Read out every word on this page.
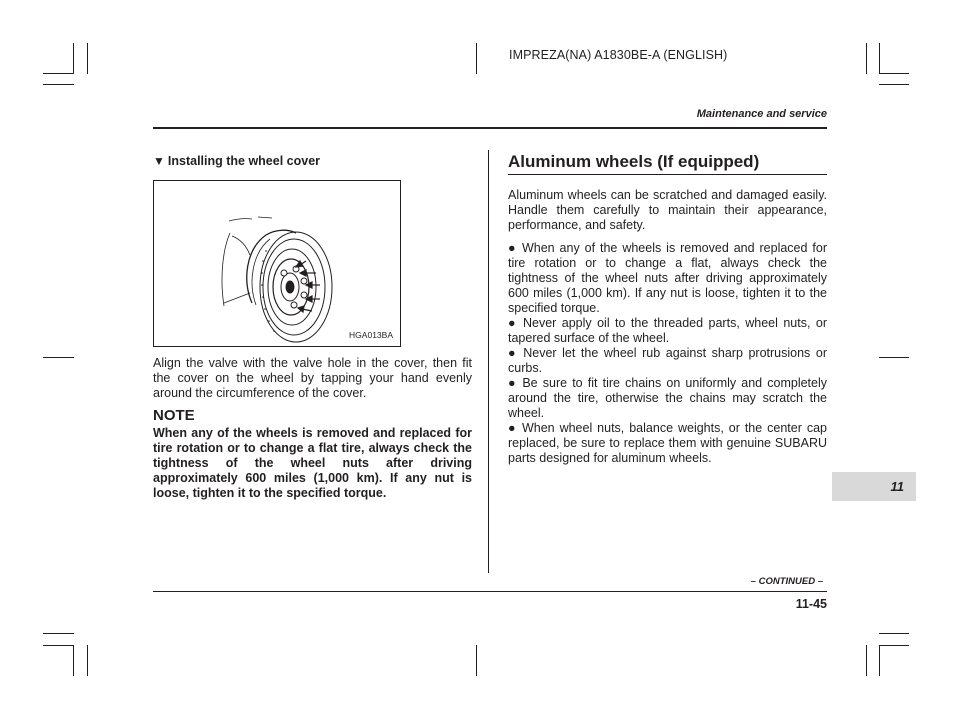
IMPREZA(NA) A1830BE-A (ENGLISH)
Maintenance and service
▼ Installing the wheel cover
HGA013BA
Align the valve with the valve hole in the cover, then fit the cover on the wheel by tapping your hand evenly around the circumference of the cover.
NOTE
When any of the wheels is removed and replaced for tire rotation or to change a flat tire, always check the tightness of the wheel nuts after driving approximately 600 miles (1,000 km). If any nut is loose, tighten it to the specified torque.
Aluminum wheels (If equipped)
Aluminum wheels can be scratched and damaged easily. Handle them carefully to maintain their appearance, performance, and safety.

● When any of the wheels is removed and replaced for tire rotation or to change a flat, always check the tightness of the wheel nuts after driving approximately 600 miles (1,000 km). If any nut is loose, tighten it to the specified torque.

● Never apply oil to the threaded parts, wheel nuts, or tapered surface of the wheel.

● Never let the wheel rub against sharp protrusions or curbs.

● Be sure to fit tire chains on uniformly and completely around the tire, otherwise the chains may scratch the wheel.

● When wheel nuts, balance weights, or the center cap replaced, be sure to replace them with genuine SUBARU parts designed for aluminum wheels.

11
– CONTINUED –
11-45
